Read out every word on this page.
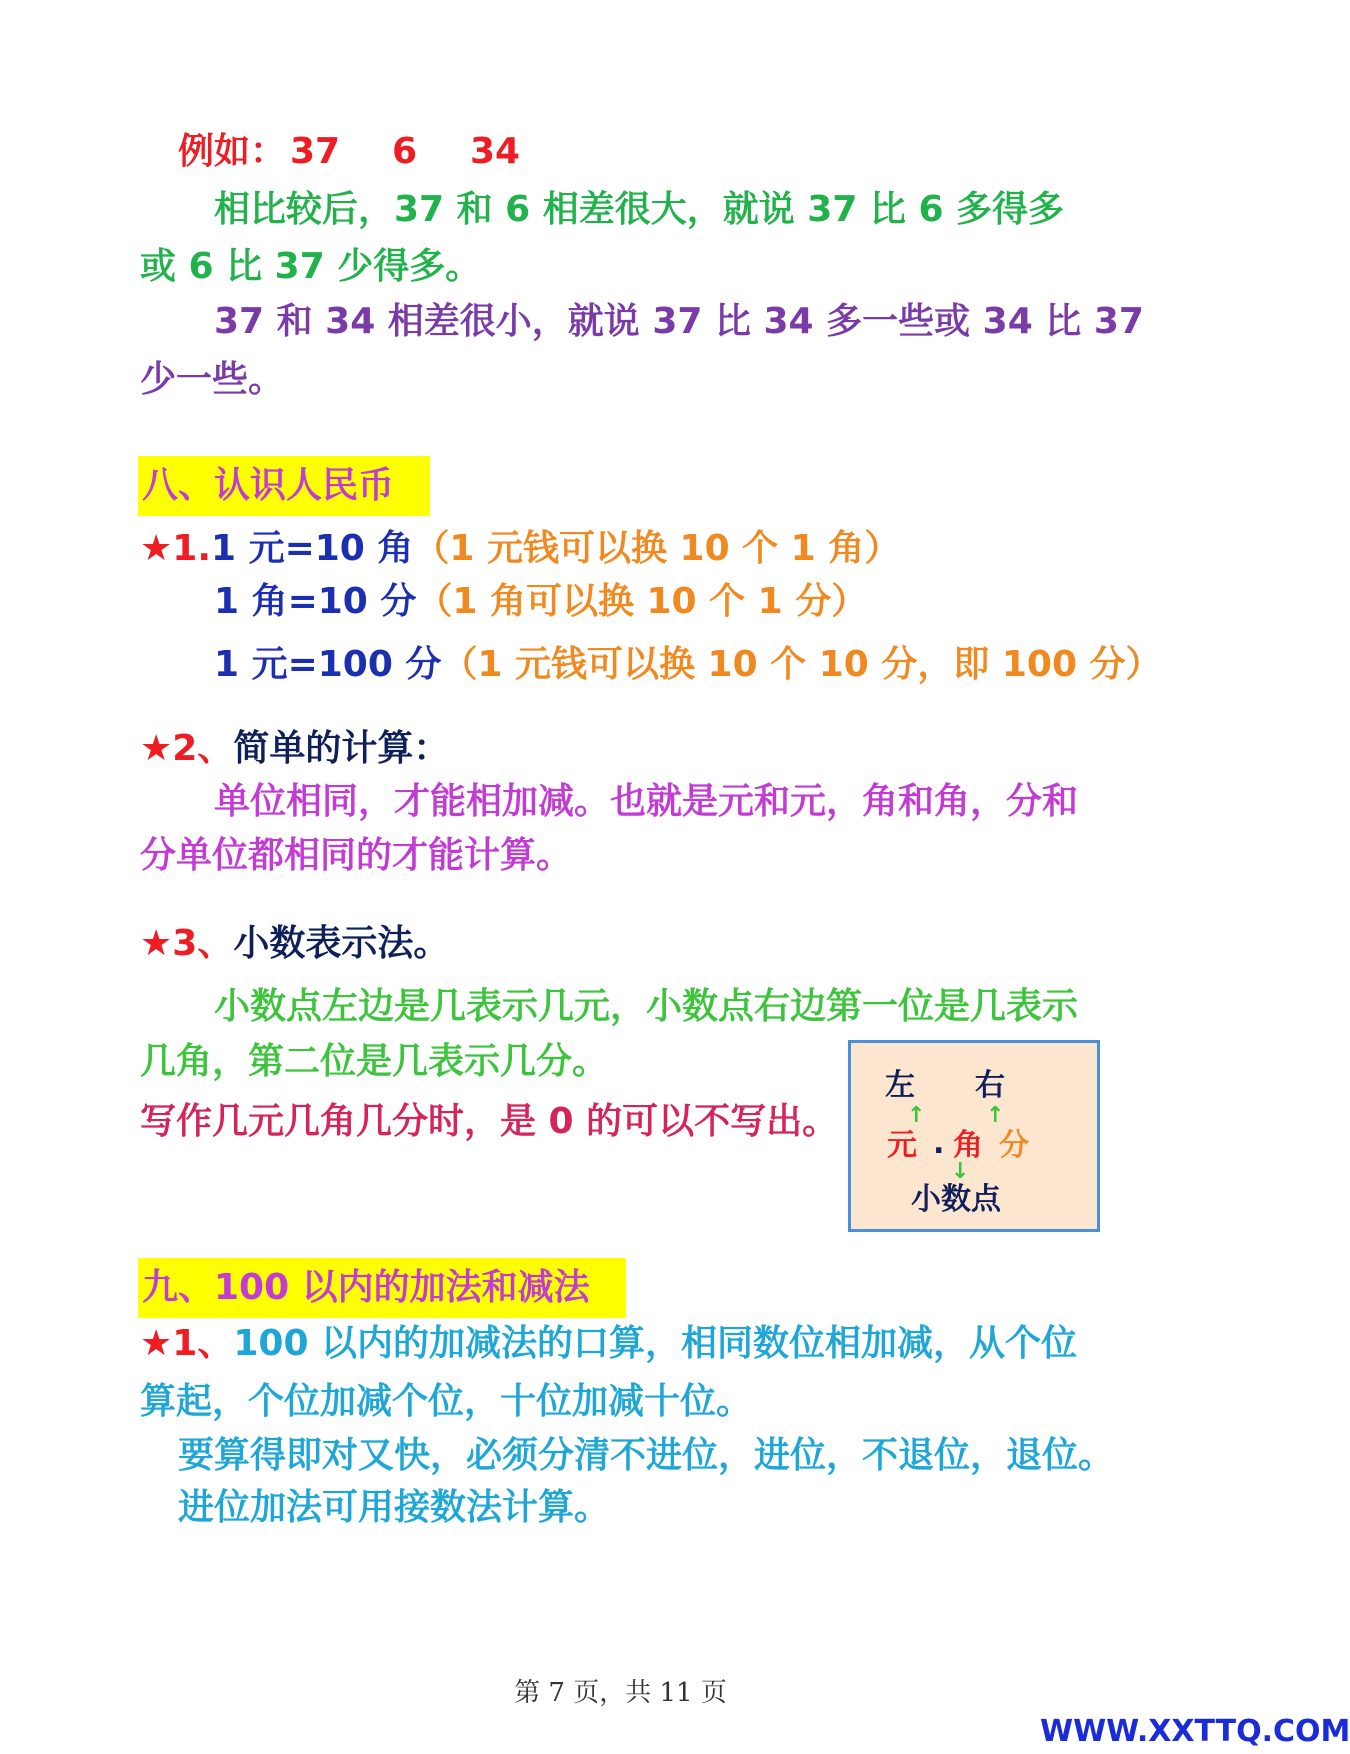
例如： 37 6 34
相比较后，37 和 6 相差很大，就说 37 比 6 多得多
或 6 比 37 少得多。
37 和 34 相差很小，就说 37 比 34 多一些或 34 比 37
少一些。
八、认识人民币
★1.1 元=10 角（1 元钱可以换 10 个 1 角）
1 角=10 分（1 角可以换 10 个 1 分）
1 元=100 分（1 元钱可以换 10 个 10 分，即 100 分）
★2、简单的计算：
单位相同，才能相加减。也就是元和元，角和角，分和
分单位都相同的才能计算。
★3、小数表示法。
小数点左边是几表示几元，小数点右边第一位是几表示
几角，第二位是几表示几分。
写作几元几角几分时，是 0 的可以不写出。
左 右
↑	↑
元 . 角 分
↓
小数点
九、100 以内的加法和减法
★1、100 以内的加减法的口算，相同数位相加减，从个位
算起，个位加减个位，十位加减十位。
要算得即对又快，必须分清不进位，进位，不退位，退位。
进位加法可用接数法计算。
第 7 页，共 11 页
WWW.XXTTQ.COM
